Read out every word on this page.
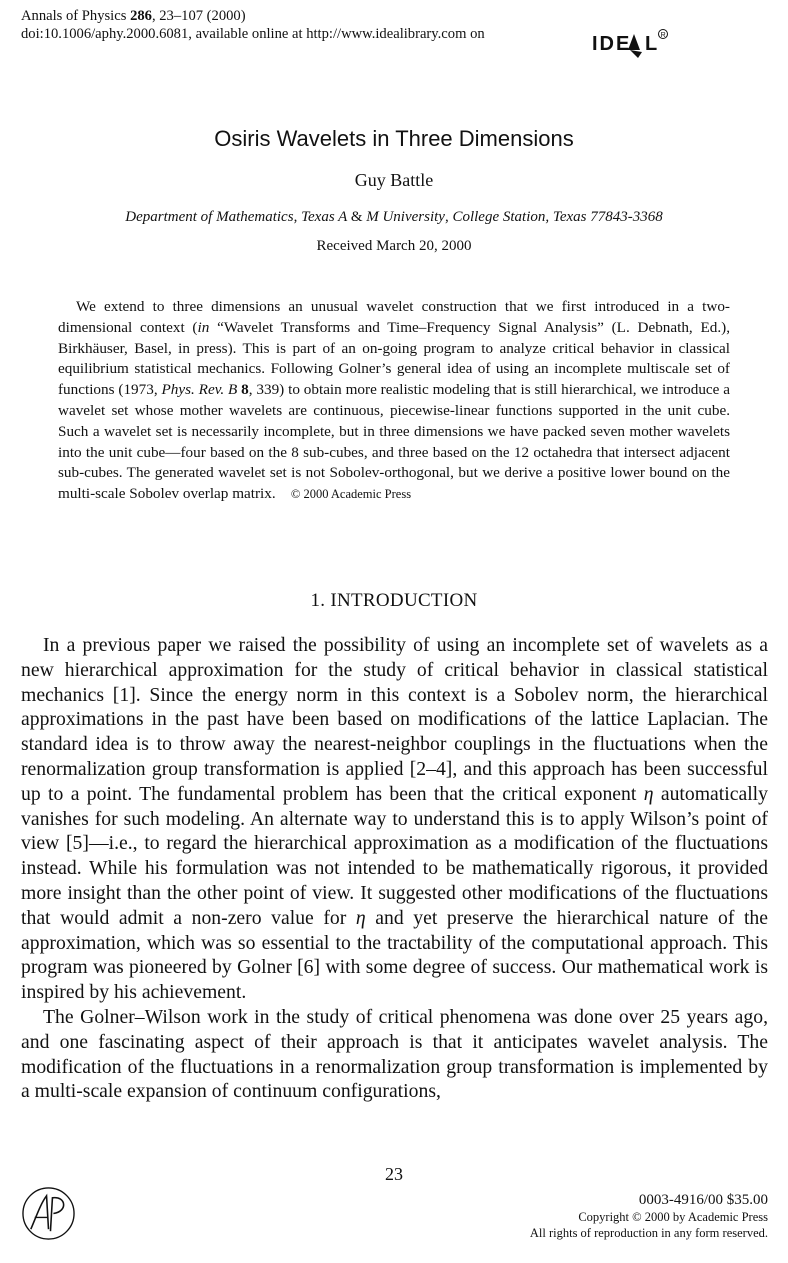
Annals of Physics 286, 23–107 (2000)
doi:10.1006/aphy.2000.6081, available online at http://www.idealibrary.com on	IDE L R
Osiris Wavelets in Three Dimensions
Guy Battle
Department of Mathematics, Texas A & M University, College Station, Texas 77843-3368
Received March 20, 2000
We extend to three dimensions an unusual wavelet construction that we first introduced in a two-dimensional context (in “Wavelet Transforms and Time–Frequency Signal Analysis” (L. Debnath, Ed.), Birkhäuser, Basel, in press). This is part of an on-going program to analyze critical behavior in classical equilibrium statistical mechanics. Following Golner’s general idea of using an incomplete multiscale set of functions (1973, Phys. Rev. B 8, 339) to obtain more realistic modeling that is still hierarchical, we introduce a wavelet set whose mother wavelets are continuous, piecewise-linear functions supported in the unit cube. Such a wavelet set is necessarily incomplete, but in three dimensions we have packed seven mother wavelets into the unit cube—four based on the 8 sub-cubes, and three based on the 12 octahedra that intersect adjacent sub-cubes. The generated wavelet set is not Sobolev-orthogonal, but we derive a positive lower bound on the multi-scale Sobolev overlap matrix. © 2000 Academic Press
1. INTRODUCTION

In a previous paper we raised the possibility of using an incomplete set of wavelets as a new hierarchical approximation for the study of critical behavior in classical statistical mechanics [1]. Since the energy norm in this context is a Sobolev norm, the hierarchical approximations in the past have been based on modifications of the lattice Laplacian. The standard idea is to throw away the nearest-neighbor couplings in the fluctuations when the renormalization group transformation is applied [2–4], and this approach has been successful up to a point. The fundamental problem has been that the critical exponent η automatically vanishes for such modeling. An alternate way to understand this is to apply Wilson’s point of view [5]—i.e., to regard the hierarchical approximation as a modification of the fluctuations instead. While his formulation was not intended to be mathematically rigorous, it provided more insight than the other point of view. It suggested other modifications of the fluctuations that would admit a non-zero value for η and yet preserve the hierarchical nature of the approximation, which was so essential to the tractability of the computational approach. This program was pioneered by Golner [6] with some degree of success. Our mathematical work is inspired by his achievement.

The Golner–Wilson work in the study of critical phenomena was done over 25 years ago, and one fascinating aspect of their approach is that it anticipates wavelet analysis. The modification of the fluctuations in a renormalization group transformation is implemented by a multi-scale expansion of continuum configurations,

23
0003-4916/00 $35.00
Copyright © 2000 by Academic Press
All rights of reproduction in any form reserved.
